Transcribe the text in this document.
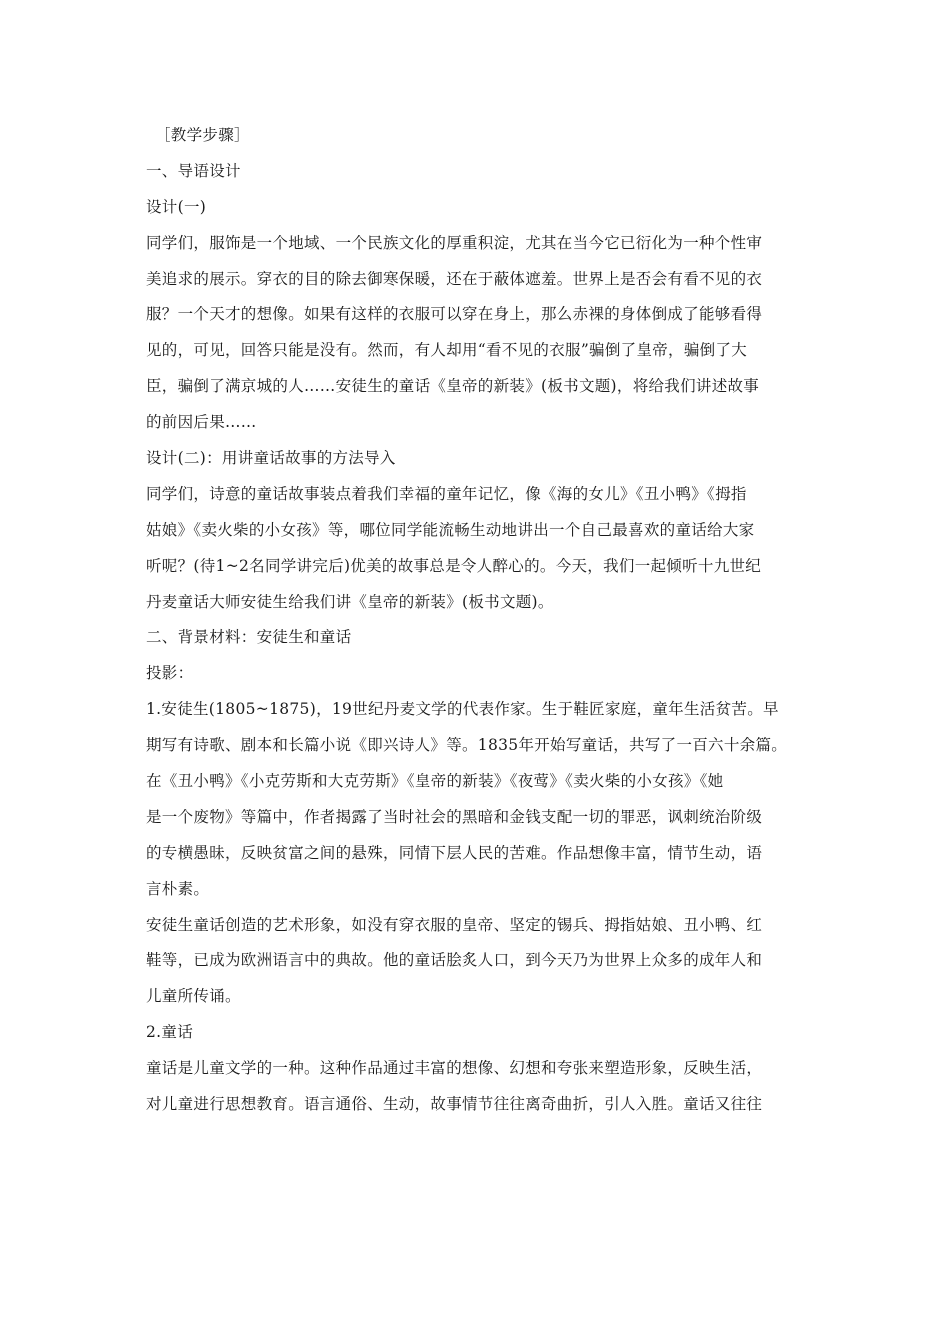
［教学步骤］
一、导语设计
设计(一)
同学们，服饰是一个地域、一个民族文化的厚重积淀，尤其在当今它已衍化为一种个性审
美追求的展示。穿衣的目的除去御寒保暖，还在于蔽体遮羞。世界上是否会有看不见的衣
服？一个天才的想像。如果有这样的衣服可以穿在身上，那么赤裸的身体倒成了能够看得
见的，可见，回答只能是没有。然而，有人却用“看不见的衣服”骗倒了皇帝，骗倒了大
臣，骗倒了满京城的人……安徒生的童话《皇帝的新装》(板书文题)，将给我们讲述故事
的前因后果……
设计(二)：用讲童话故事的方法导入
同学们，诗意的童话故事装点着我们幸福的童年记忆，像《海的女儿》《丑小鸭》《拇指
姑娘》《卖火柴的小女孩》等，哪位同学能流畅生动地讲出一个自己最喜欢的童话给大家
听呢？(待1~2名同学讲完后)优美的故事总是令人醉心的。今天，我们一起倾听十九世纪
丹麦童话大师安徒生给我们讲《皇帝的新装》(板书文题)。
二、背景材料：安徒生和童话
投影：
1.安徒生(1805~1875)，19世纪丹麦文学的代表作家。生于鞋匠家庭，童年生活贫苦。早
期写有诗歌、剧本和长篇小说《即兴诗人》等。1835年开始写童话，共写了一百六十余篇。
在《丑小鸭》《小克劳斯和大克劳斯》《皇帝的新装》《夜莺》《卖火柴的小女孩》《她
是一个废物》等篇中，作者揭露了当时社会的黑暗和金钱支配一切的罪恶，讽刺统治阶级
的专横愚昧，反映贫富之间的悬殊，同情下层人民的苦难。作品想像丰富，情节生动，语
言朴素。
安徒生童话创造的艺术形象，如没有穿衣服的皇帝、坚定的锡兵、拇指姑娘、丑小鸭、红
鞋等，已成为欧洲语言中的典故。他的童话脍炙人口，到今天乃为世界上众多的成年人和
儿童所传诵。
2.童话
童话是儿童文学的一种。这种作品通过丰富的想像、幻想和夸张来塑造形象，反映生活，
对儿童进行思想教育。语言通俗、生动，故事情节往往离奇曲折，引人入胜。童话又往往
